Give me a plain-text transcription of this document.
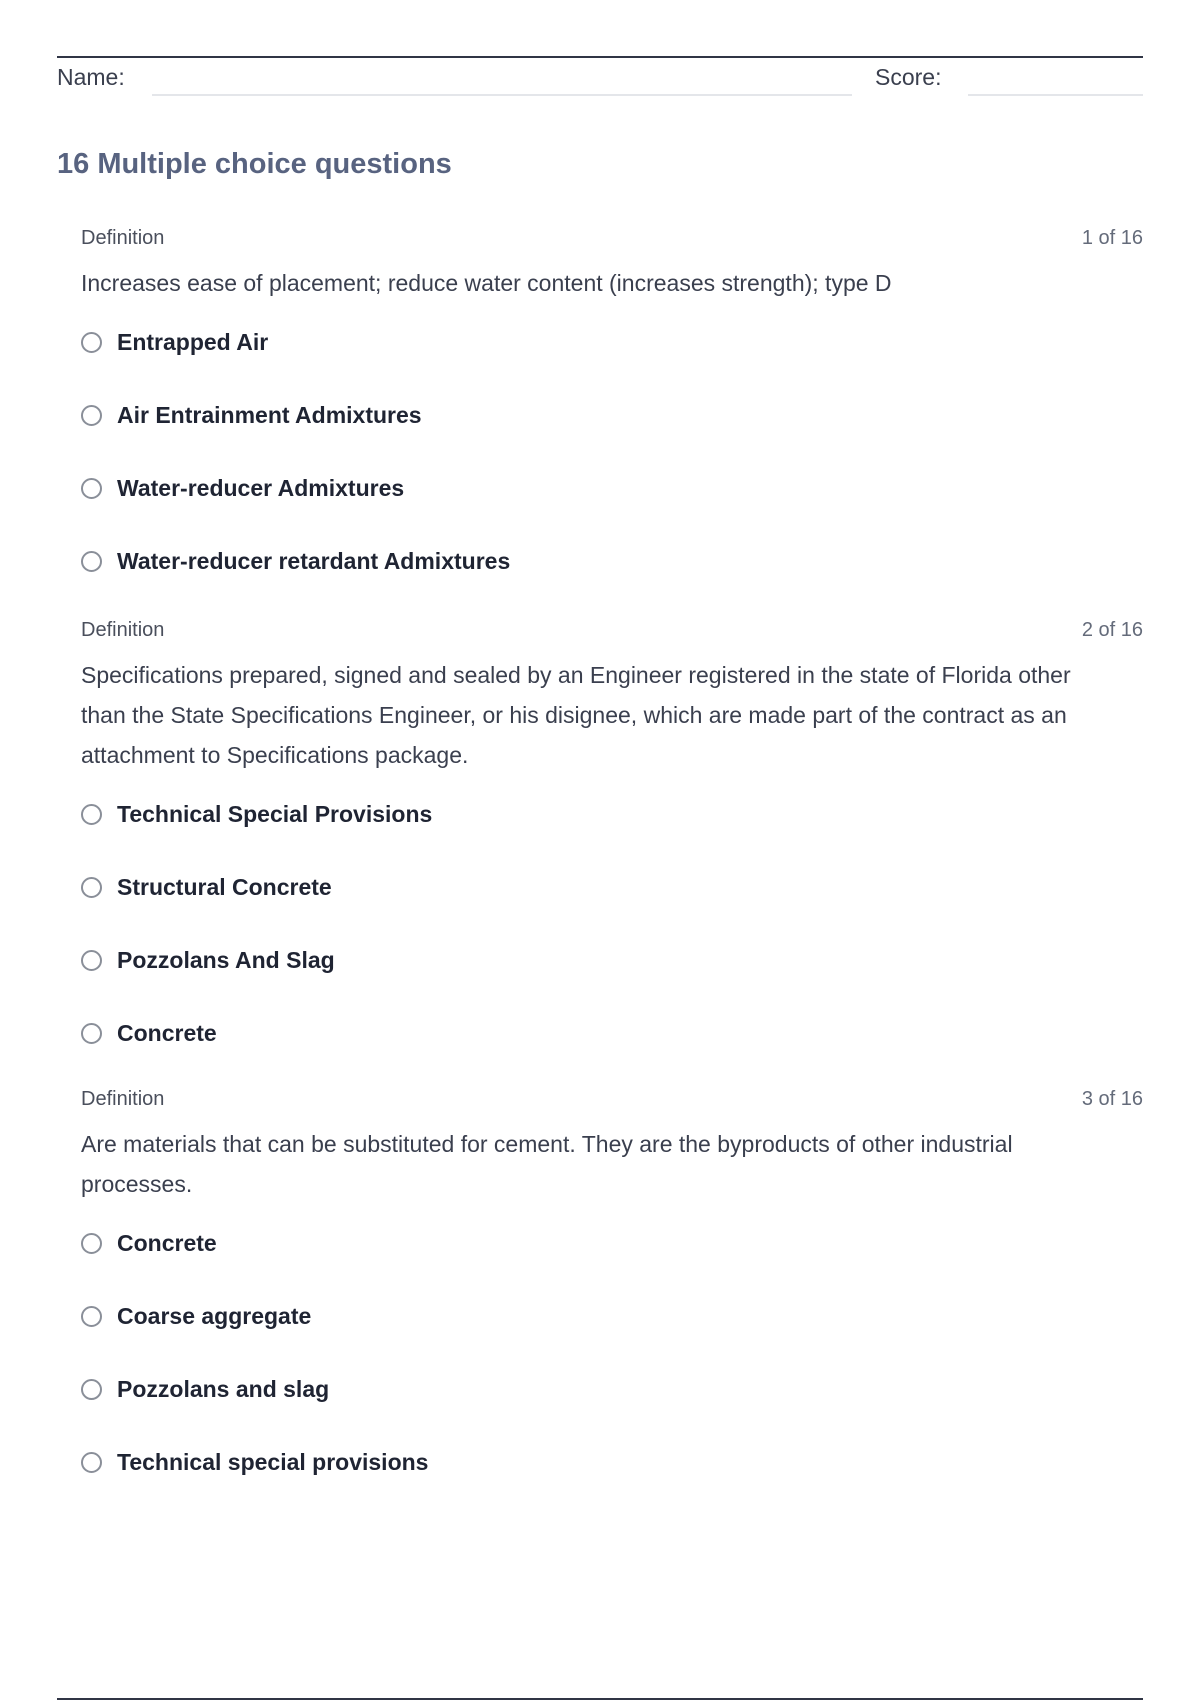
Name:	Score:
16 Multiple choice questions
Definition	1 of 16

Increases ease of placement; reduce water content (increases strength); type D

Entrapped Air
Air Entrainment Admixtures
Water-reducer Admixtures
Water-reducer retardant Admixtures
Definition	2 of 16

Specifications prepared, signed and sealed by an Engineer registered in the state of Florida other than the State Specifications Engineer, or his disignee, which are made part of the contract as an attachment to Specifications package.

Technical Special Provisions
Structural Concrete
Pozzolans And Slag
Concrete
Definition	3 of 16

Are materials that can be substituted for cement. They are the byproducts of other industrial processes.

Concrete
Coarse aggregate
Pozzolans and slag
Technical special provisions
